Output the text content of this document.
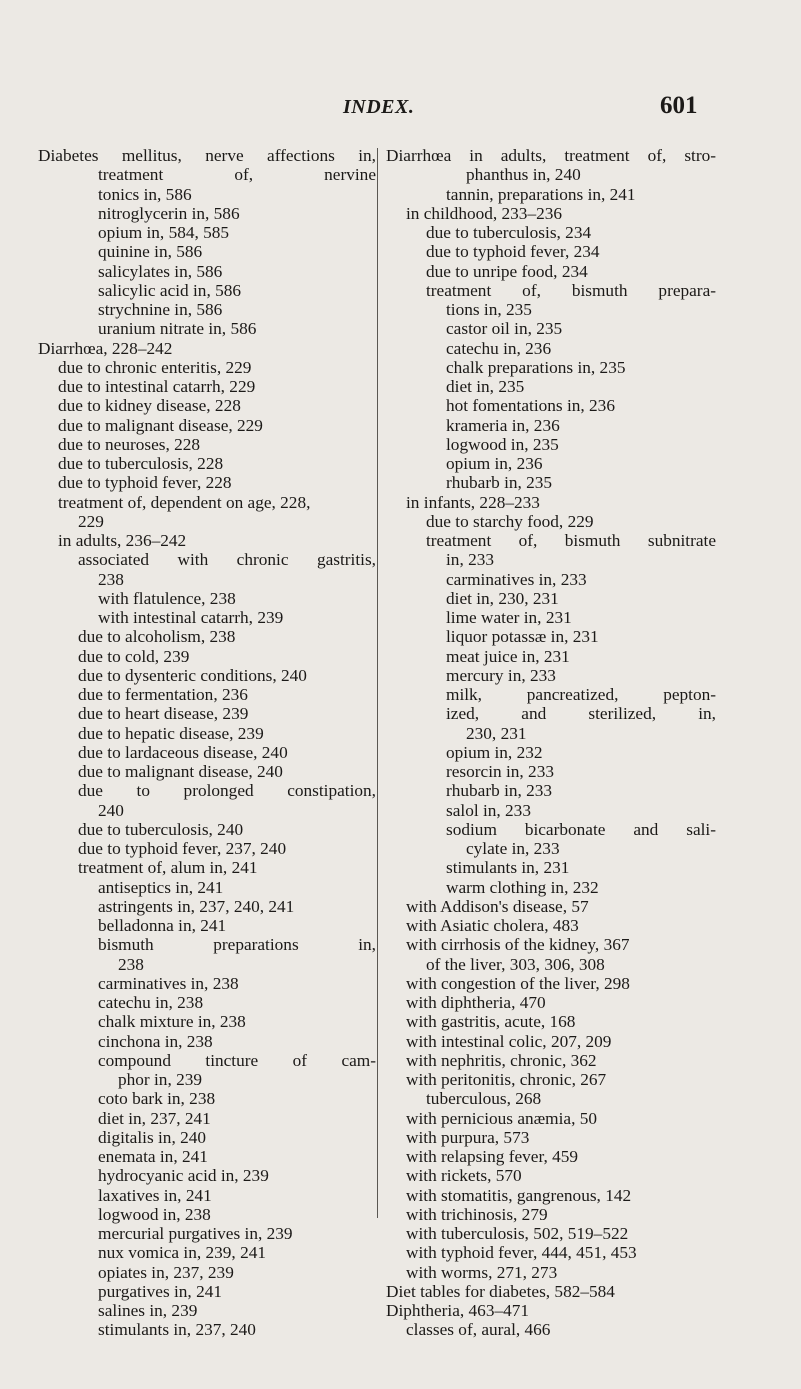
INDEX.	601
Diabetes mellitus, nerve affections in,
treatment of, nervine
tonics in, 586
nitroglycerin in, 586
opium in, 584, 585
quinine in, 586
salicylates in, 586
salicylic acid in, 586
strychnine in, 586
uranium nitrate in, 586
Diarrhœa, 228–242
due to chronic enteritis, 229
due to intestinal catarrh, 229
due to kidney disease, 228
due to malignant disease, 229
due to neuroses, 228
due to tuberculosis, 228
due to typhoid fever, 228
treatment of, dependent on age, 228,
229
in adults, 236–242
associated with chronic gastritis,
238
with flatulence, 238
with intestinal catarrh, 239
due to alcoholism, 238
due to cold, 239
due to dysenteric conditions, 240
due to fermentation, 236
due to heart disease, 239
due to hepatic disease, 239
due to lardaceous disease, 240
due to malignant disease, 240
due to prolonged constipation,
240
due to tuberculosis, 240
due to typhoid fever, 237, 240
treatment of, alum in, 241
antiseptics in, 241
astringents in, 237, 240, 241
belladonna in, 241
bismuth preparations in,
238
carminatives in, 238
catechu in, 238
chalk mixture in, 238
cinchona in, 238
compound tincture of cam-
phor in, 239
coto bark in, 238
diet in, 237, 241
digitalis in, 240
enemata in, 241
hydrocyanic acid in, 239
laxatives in, 241
logwood in, 238
mercurial purgatives in, 239
nux vomica in, 239, 241
opiates in, 237, 239
purgatives in, 241
salines in, 239
stimulants in, 237, 240
Diarrhœa in adults, treatment of, stro-
phanthus in, 240
tannin, preparations in, 241
in childhood, 233–236
due to tuberculosis, 234
due to typhoid fever, 234
due to unripe food, 234
treatment of, bismuth prepara-
tions in, 235
castor oil in, 235
catechu in, 236
chalk preparations in, 235
diet in, 235
hot fomentations in, 236
krameria in, 236
logwood in, 235
opium in, 236
rhubarb in, 235
in infants, 228–233
due to starchy food, 229
treatment of, bismuth subnitrate
in, 233
carminatives in, 233
diet in, 230, 231
lime water in, 231
liquor potassæ in, 231
meat juice in, 231
mercury in, 233
milk, pancreatized, pepton-
ized, and sterilized, in,
230, 231
opium in, 232
resorcin in, 233
rhubarb in, 233
salol in, 233
sodium bicarbonate and sali-
cylate in, 233
stimulants in, 231
warm clothing in, 232
with Addison's disease, 57
with Asiatic cholera, 483
with cirrhosis of the kidney, 367
of the liver, 303, 306, 308
with congestion of the liver, 298
with diphtheria, 470
with gastritis, acute, 168
with intestinal colic, 207, 209
with nephritis, chronic, 362
with peritonitis, chronic, 267
tuberculous, 268
with pernicious anæmia, 50
with purpura, 573
with relapsing fever, 459
with rickets, 570
with stomatitis, gangrenous, 142
with trichinosis, 279
with tuberculosis, 502, 519–522
with typhoid fever, 444, 451, 453
with worms, 271, 273
Diet tables for diabetes, 582–584
Diphtheria, 463–471
classes of, aural, 466
